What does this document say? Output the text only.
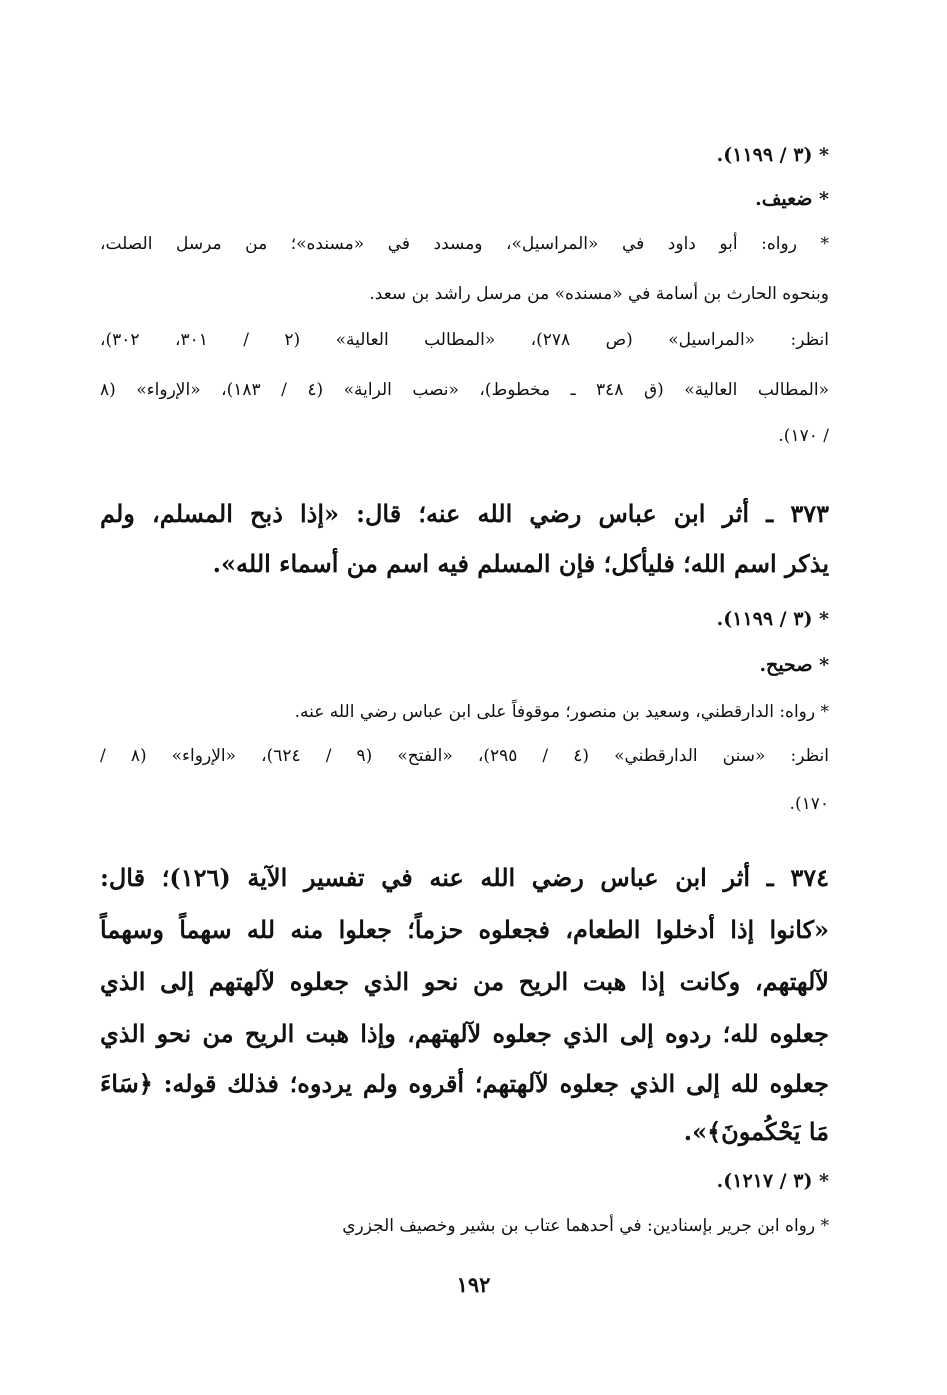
* (٣ / ١١٩٩).
* ضعيف.
* رواه: أبو داود في «المراسيل»، ومسدد في «مسنده»؛ من مرسل الصلت،
وبنحوه الحارث بن أسامة في «مسنده» من مرسل راشد بن سعد.
انظر: «المراسيل» (ص ٢٧٨)، «المطالب العالية» (٢ / ٣٠١، ٣٠٢)،
«المطالب العالية» (ق ٣٤٨ ـ مخطوط)، «نصب الراية» (٤ / ١٨٣)، «الإرواء» (٨
/ ١٧٠).
٣٧٣ ـ أثر ابن عباس رضي الله عنه؛ قال: «إذا ذبح المسلم، ولم
يذكر اسم الله؛ فليأكل؛ فإن المسلم فيه اسم من أسماء الله».
* (٣ / ١١٩٩).
* صحيح.
* رواه: الدارقطني، وسعيد بن منصور؛ موقوفاً على ابن عباس رضي الله عنه.
انظر: «سنن الدارقطني» (٤ / ٢٩٥)، «الفتح» (٩ / ٦٢٤)، «الإرواء» (٨ /
١٧٠).
٣٧٤ ـ أثر ابن عباس رضي الله عنه في تفسير الآية (١٢٦)؛ قال:
«كانوا إذا أدخلوا الطعام، فجعلوه حزماً؛ جعلوا منه لله سهماً وسهماً
لآلهتهم، وكانت إذا هبت الريح من نحو الذي جعلوه لآلهتهم إلى الذي
جعلوه لله؛ ردوه إلى الذي جعلوه لآلهتهم، وإذا هبت الريح من نحو الذي
جعلوه لله إلى الذي جعلوه لآلهتهم؛ أقروه ولم يردوه؛ فذلك قوله: ﴿سَاءَ
مَا يَحْكُمونَ﴾».
* (٣ / ١٢١٧).
* رواه ابن جرير بإسنادين: في أحدهما عتاب بن بشير وخصيف الجزري
١٩٢
